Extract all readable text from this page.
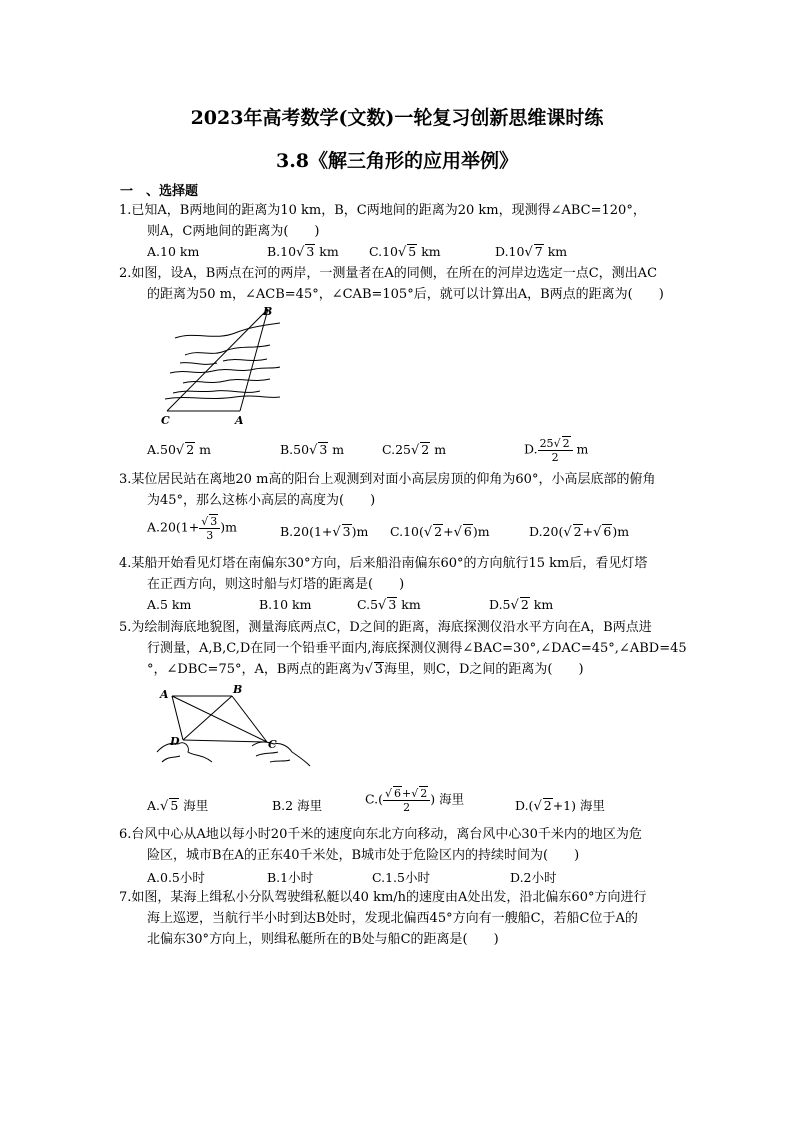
2023年高考数学(文数)一轮复习创新思维课时练
3.8《解三角形的应用举例》
一　、选择题
1.已知A，B两地间的距离为10 km，B，C两地间的距离为20 km，现测得∠ABC=120°，
则A，C两地间的距离为(　　)
A.10 km	B.10√ 3 km C.10√ 5 km	D.10√ 7 km
2.如图，设A，B两点在河的两岸，一测量者在A的同侧，在所在的河岸边选定一点C，测出AC
的距离为50 m，∠ACB=45°，∠CAB=105°后，就可以计算出A，B两点的距离为(　　)
B
C	A
A.50√ 2 m	B.50√ 3 m	C.25√ 2 m	D. $\frac{25√ 2}{2}$ m
3.某位居民站在离地20 m高的阳台上观测到对面小高层房顶的仰角为60°，小高层底部的俯角
为45°，那么这栋小高层的高度为(　　)
$A.20(1+ \frac{√ 3}{3} )m$	B.20(1+√ 3)m C.10(√ 2+√ 6)m	D.20(√ 2+√ 6)m
4.某船开始看见灯塔在南偏东30°方向，后来船沿南偏东60°的方向航行15 km后，看见灯塔
在正西方向，则这时船与灯塔的距离是(　　)
A.5 km	B.10 km	C.5√ 3 km	D.5√ 2 km
5.为绘制海底地貌图，测量海底两点C，D之间的距离，海底探测仪沿水平方向在A，B两点进
行测量，A,B,C,D在同一个铅垂平面内,海底探测仪测得∠BAC=30°,∠DAC=45°,∠ABD=45
°，∠DBC=75°，A，B两点的距离为√ 3海里，则C，D之间的距离为(　　)
A	B
C
D
A.√ 5 海里	B.2 海里	$C.( \frac{√ 6+√ 2}{2}$ ) 海里	D.(√ 2+1) 海里
6.台风中心从A地以每小时20千米的速度向东北方向移动，离台风中心30千米内的地区为危
险区，城市B在A的正东40千米处，B城市处于危险区内的持续时间为(　　)
A.0.5小时	B.1小时	C.1.5小时	D.2小时
7.如图，某海上缉私小分队驾驶缉私艇以40 km/h的速度由A处出发，沿北偏东60°方向进行
海上巡逻，当航行半小时到达B处时，发现北偏西45°方向有一艘船C，若船C位于A的
北偏东30°方向上，则缉私艇所在的B处与船C的距离是(　　)
